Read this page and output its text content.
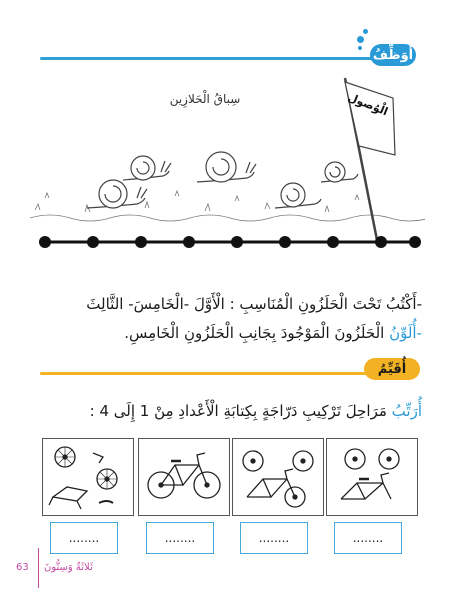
أُوَظِّفُ
سِباقُ الْحَلازِين	الْوُصول
-أَكْتُبُ تَحْتَ الْحَلَزُونِ الْمُنَاسِبِ : الْأَوَّلَ -الْخَامِسَ- الثَّالِثَ
-أُلَوِّنُ الْحَلَزُونَ الْمَوْجُودَ بِجَانِبِ الْحَلَزُونِ الْخَامِسِ.
أُقَيِّمُ
أُرَتِّبُ مَرَاحِلَ تَرْكِيبِ دَرّاجَةٍ بِكِتابَةِ الْأَعْدادِ مِنْ 1 إِلَى 4 :
........	........	........	........
63 ثَلاثَةٌ وَسِتُّونَ
